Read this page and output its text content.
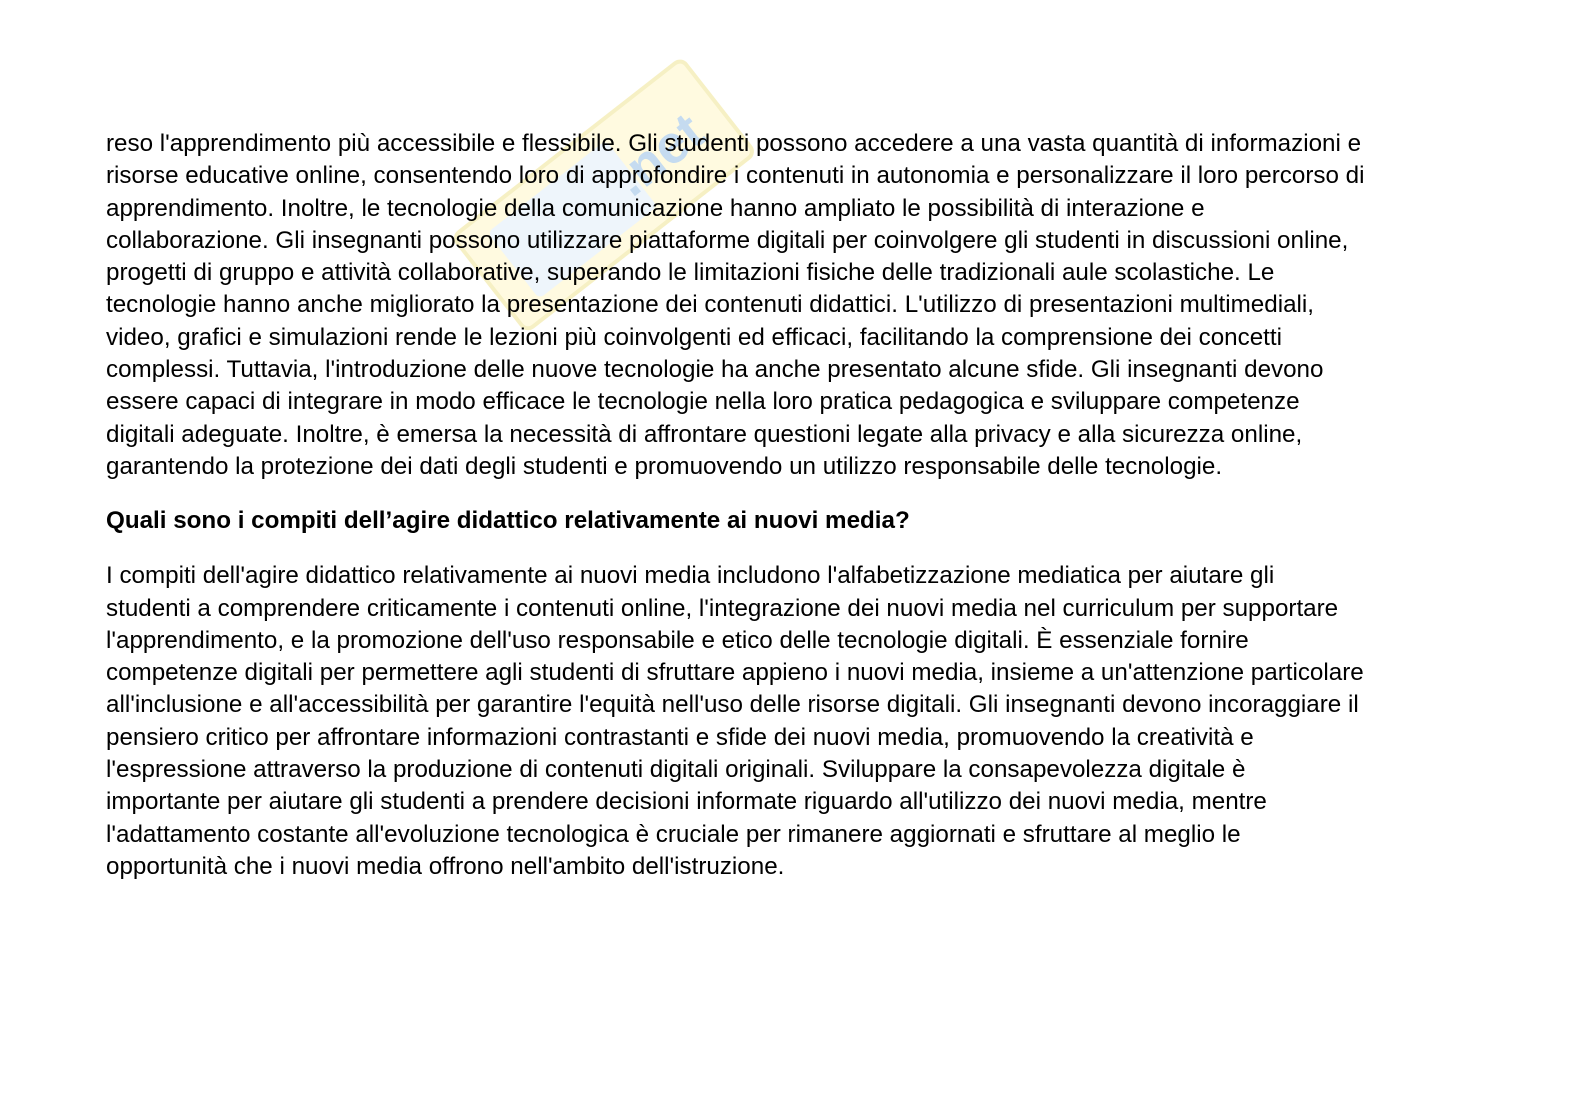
.net

reso l'apprendimento più accessibile e flessibile. Gli studenti possono accedere a una vasta quantità di informazioni e

risorse educative online, consentendo loro di approfondire i contenuti in autonomia e personalizzare il loro percorso di

apprendimento. Inoltre, le tecnologie della comunicazione hanno ampliato le possibilità di interazione e

collaborazione. Gli insegnanti possono utilizzare piattaforme digitali per coinvolgere gli studenti in discussioni online,

progetti di gruppo e attività collaborative, superando le limitazioni fisiche delle tradizionali aule scolastiche. Le

tecnologie hanno anche migliorato la presentazione dei contenuti didattici. L'utilizzo di presentazioni multimediali,

video, grafici e simulazioni rende le lezioni più coinvolgenti ed efficaci, facilitando la comprensione dei concetti

complessi. Tuttavia, l'introduzione delle nuove tecnologie ha anche presentato alcune sfide. Gli insegnanti devono

essere capaci di integrare in modo efficace le tecnologie nella loro pratica pedagogica e sviluppare competenze

digitali adeguate. Inoltre, è emersa la necessità di affrontare questioni legate alla privacy e alla sicurezza online,

garantendo la protezione dei dati degli studenti e promuovendo un utilizzo responsabile delle tecnologie.

Quali sono i compiti dell’agire didattico relativamente ai nuovi media?

I compiti dell'agire didattico relativamente ai nuovi media includono l'alfabetizzazione mediatica per aiutare gli

studenti a comprendere criticamente i contenuti online, l'integrazione dei nuovi media nel curriculum per supportare

l'apprendimento, e la promozione dell'uso responsabile e etico delle tecnologie digitali. È essenziale fornire

competenze digitali per permettere agli studenti di sfruttare appieno i nuovi media, insieme a un'attenzione particolare

all'inclusione e all'accessibilità per garantire l'equità nell'uso delle risorse digitali. Gli insegnanti devono incoraggiare il

pensiero critico per affrontare informazioni contrastanti e sfide dei nuovi media, promuovendo la creatività e

l'espressione attraverso la produzione di contenuti digitali originali. Sviluppare la consapevolezza digitale è

importante per aiutare gli studenti a prendere decisioni informate riguardo all'utilizzo dei nuovi media, mentre

l'adattamento costante all'evoluzione tecnologica è cruciale per rimanere aggiornati e sfruttare al meglio le

opportunità che i nuovi media offrono nell'ambito dell'istruzione.
